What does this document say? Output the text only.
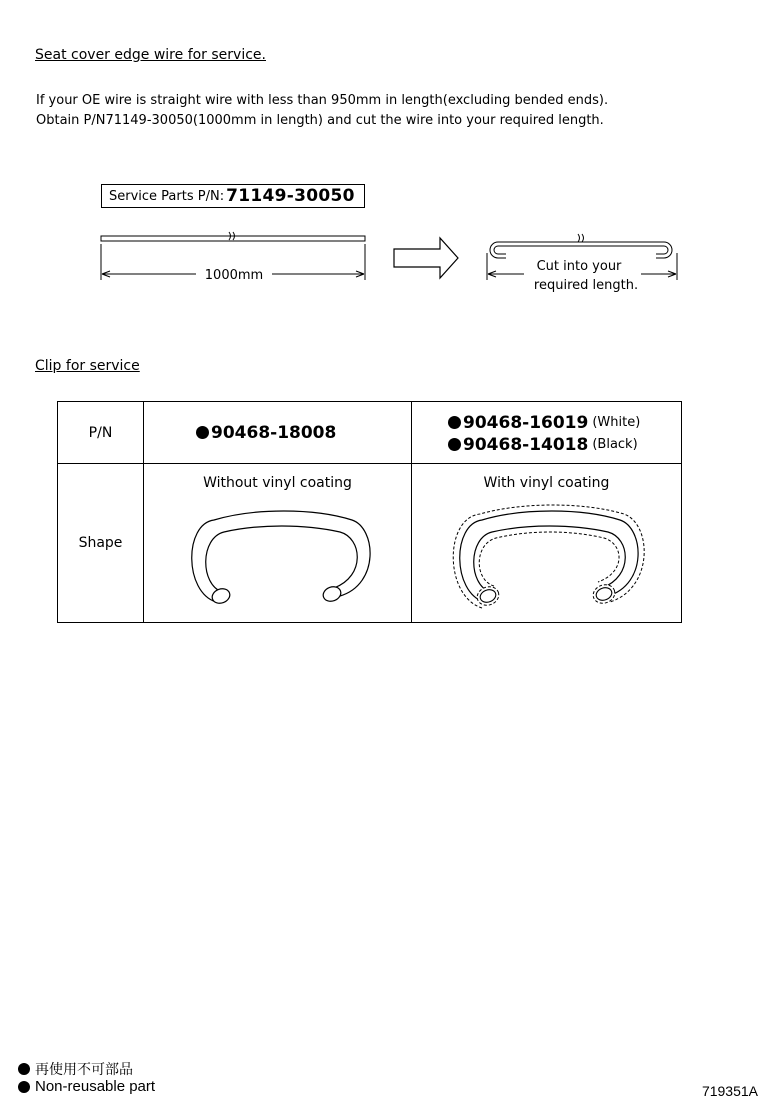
Seat cover edge wire for service.
If your OE wire is straight wire with less than 950mm in length(excluding bended ends).
Obtain P/N71149-30050(1000mm in length) and cut the wire into your required length.
Service Parts P/N: 71149-30050
1000mm
Cut into your
required length.
Clip for service
P/N	90468-18008	90468-16019 (White)
90468-14018 (Black)

Shape	Without vinyl coating	With vinyl coating
再使用不可部品
Non-reusable part	719351A
